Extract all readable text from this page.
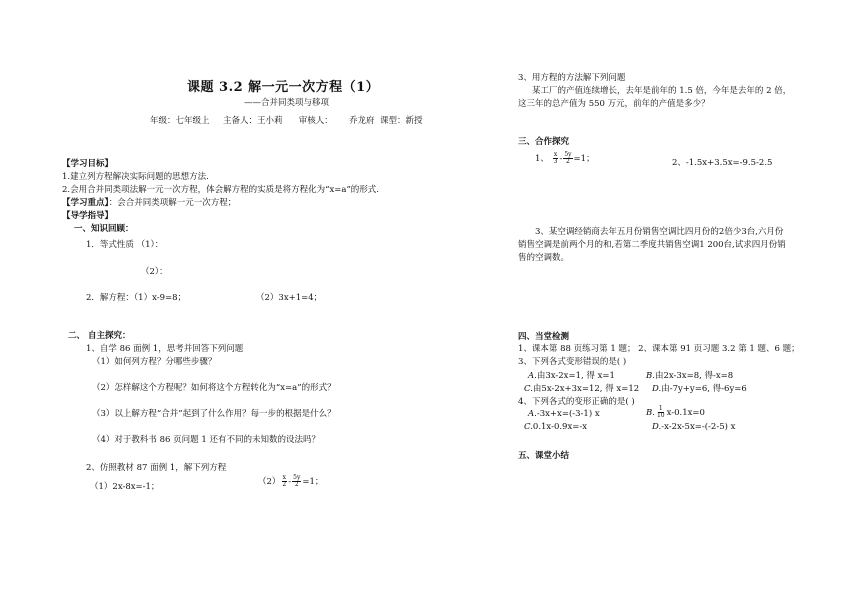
课题 3.2 解一元一次方程（1）
——合并同类项与移项
年级：七年级上 主备人：王小莉 审核人： 乔龙府 课型：新授
【学习目标】
1.建立列方程解决实际问题的思想方法.
2.会用合并同类项法解一元一次方程，体会解方程的实质是将方程化为“x=a”的形式.
【学习重点】：会合并同类项解一元一次方程；
【导学指导】
一、知识回顾：
1．等式性质 （1）：
（2）：
2．解方程：（1）x-9=8；	（2）3x+1=4；
二、 自主探究：
1、自学 86 面例 1，思考并回答下列问题
（1）如何列方程？分哪些步骤？
（2）怎样解这个方程呢？如何将这个方程转化为“x=a”的形式？
（3）以上解方程“合并”起到了什么作用？每一步的根据是什么？
（4）对于教科书 86 页问题 1 还有不同的未知数的设法吗？
2、仿照教材 87 面例 1，解下列方程
（1）2x-8x=-1；	$(2) \frac{x}{2} - \frac{5y}{2} =1$；
3、用方程的方法解下列问题
某工厂的产值连续增长，去年是前年的 1.5 倍，今年是去年的 2 倍，
这三年的总产值为 550 万元，前年的产值是多少？
三、合作探究
1、 $\frac{x}{3} - \frac{5y}{2} =1$；	2、-1.5x+3.5x=-9.5-2.5
3、某空调经销商去年五月份销售空调比四月份的2倍少3台,六月份
销售空调是前两个月的和,若第二季度共销售空调1 200台,试求四月份销
售的空调数。
四、当堂检测
1、课本第 88 页练习第 1 题； 2、课本第 91 页习题 3.2 第 1 题、6 题；
3、下列各式变形错误的是( )
A.由3x-2x=1, 得 x=1	B.由2x-3x=8, 得-x=8
C.由5x-2x+3x=12, 得 x=12 D.由-7y+y=6, 得-6y=6
4、下列各式的变形正确的是( )
A.-3x+x=(-3-1) x	B. $\frac{1}{10} x-0.1x=0$
C.0.1x-0.9x=-x	D.-x-2x-5x=-(-2-5) x
五、课堂小结
